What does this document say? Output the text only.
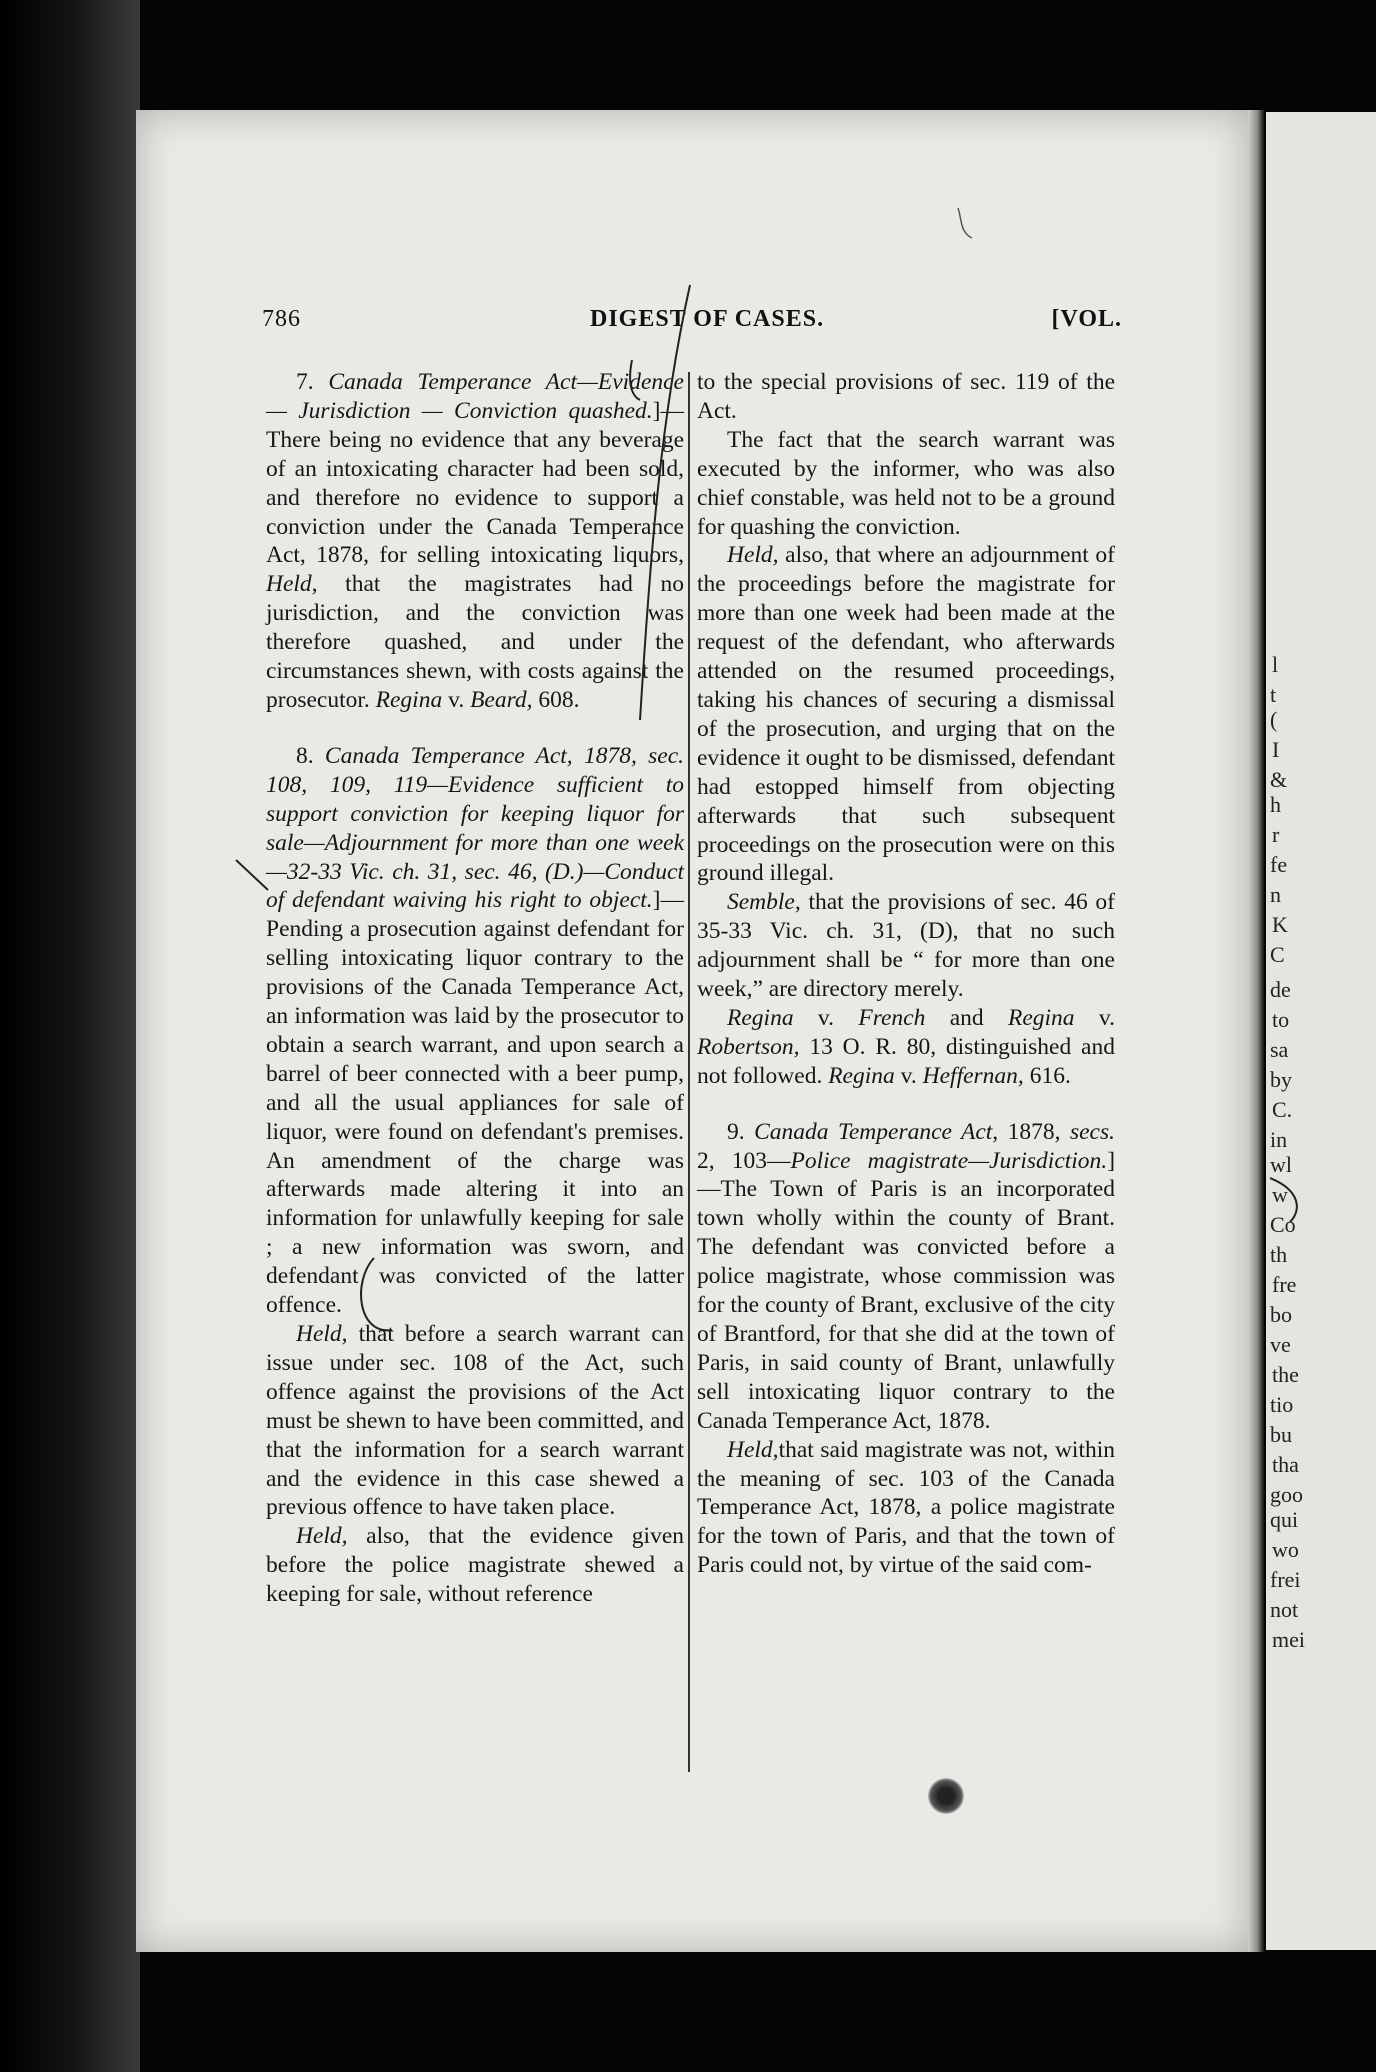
l
t
(
I
&
h
r
fe
n
K
C
de
to
sa
by
C.
in
wl
w
Co
th
fre
bo
ve
the
tio
bu
tha
goo
qui
wo
frei
not
mei
786	DIGEST OF CASES.	[VOL.

7. Canada Temperance Act—Evidence — Jurisdiction — Conviction quashed.]—There being no evidence that any beverage of an intoxicating character had been sold, and therefore no evidence to support a conviction under the Canada Temperance Act, 1878, for selling intoxicating liquors, Held, that the magistrates had no jurisdiction, and the conviction was therefore quashed, and under the circumstances shewn, with costs against the prosecutor. Regina v. Beard, 608.

8. Canada Temperance Act, 1878, sec. 108, 109, 119—Evidence sufficient to support conviction for keeping liquor for sale—Adjournment for more than one week—32-33 Vic. ch. 31, sec. 46, (D.)—Conduct of defendant waiving his right to object.]—Pending a prosecution against defendant for selling intoxicating liquor contrary to the provisions of the Canada Temperance Act, an information was laid by the prosecutor to obtain a search warrant, and upon search a barrel of beer connected with a beer pump, and all the usual appliances for sale of liquor, were found on defendant's premises. An amendment of the charge was afterwards made altering it into an information for unlawfully keeping for sale ; a new information was sworn, and defendant was convicted of the latter offence.

Held, that before a search warrant can issue under sec. 108 of the Act, such offence against the provisions of the Act must be shewn to have been committed, and that the information for a search warrant and the evidence in this case shewed a previous offence to have taken place.

Held, also, that the evidence given before the police magistrate shewed a keeping for sale, without reference

to the special provisions of sec. 119 of the Act.

The fact that the search warrant was executed by the informer, who was also chief constable, was held not to be a ground for quashing the conviction.

Held, also, that where an adjournment of the proceedings before the magistrate for more than one week had been made at the request of the defendant, who afterwards attended on the resumed proceedings, taking his chances of securing a dismissal of the prosecution, and urging that on the evidence it ought to be dismissed, defendant had estopped himself from objecting afterwards that such subsequent proceedings on the prosecution were on this ground illegal.

Semble, that the provisions of sec. 46 of 35-33 Vic. ch. 31, (D), that no such adjournment shall be “ for more than one week,” are directory merely.

Regina v. French and Regina v. Robertson, 13 O. R. 80, distinguished and not followed. Regina v. Heffernan, 616.

9. Canada Temperance Act, 1878, secs. 2, 103—Police magistrate—Jurisdiction.]—The Town of Paris is an incorporated town wholly within the county of Brant. The defendant was convicted before a police magistrate, whose commission was for the county of Brant, exclusive of the city of Brantford, for that she did at the town of Paris, in said county of Brant, unlawfully sell intoxicating liquor contrary to the Canada Temperance Act, 1878.

Held,that said magistrate was not, within the meaning of sec. 103 of the Canada Temperance Act, 1878, a police magistrate for the town of Paris, and that the town of Paris could not, by virtue of the said com-
